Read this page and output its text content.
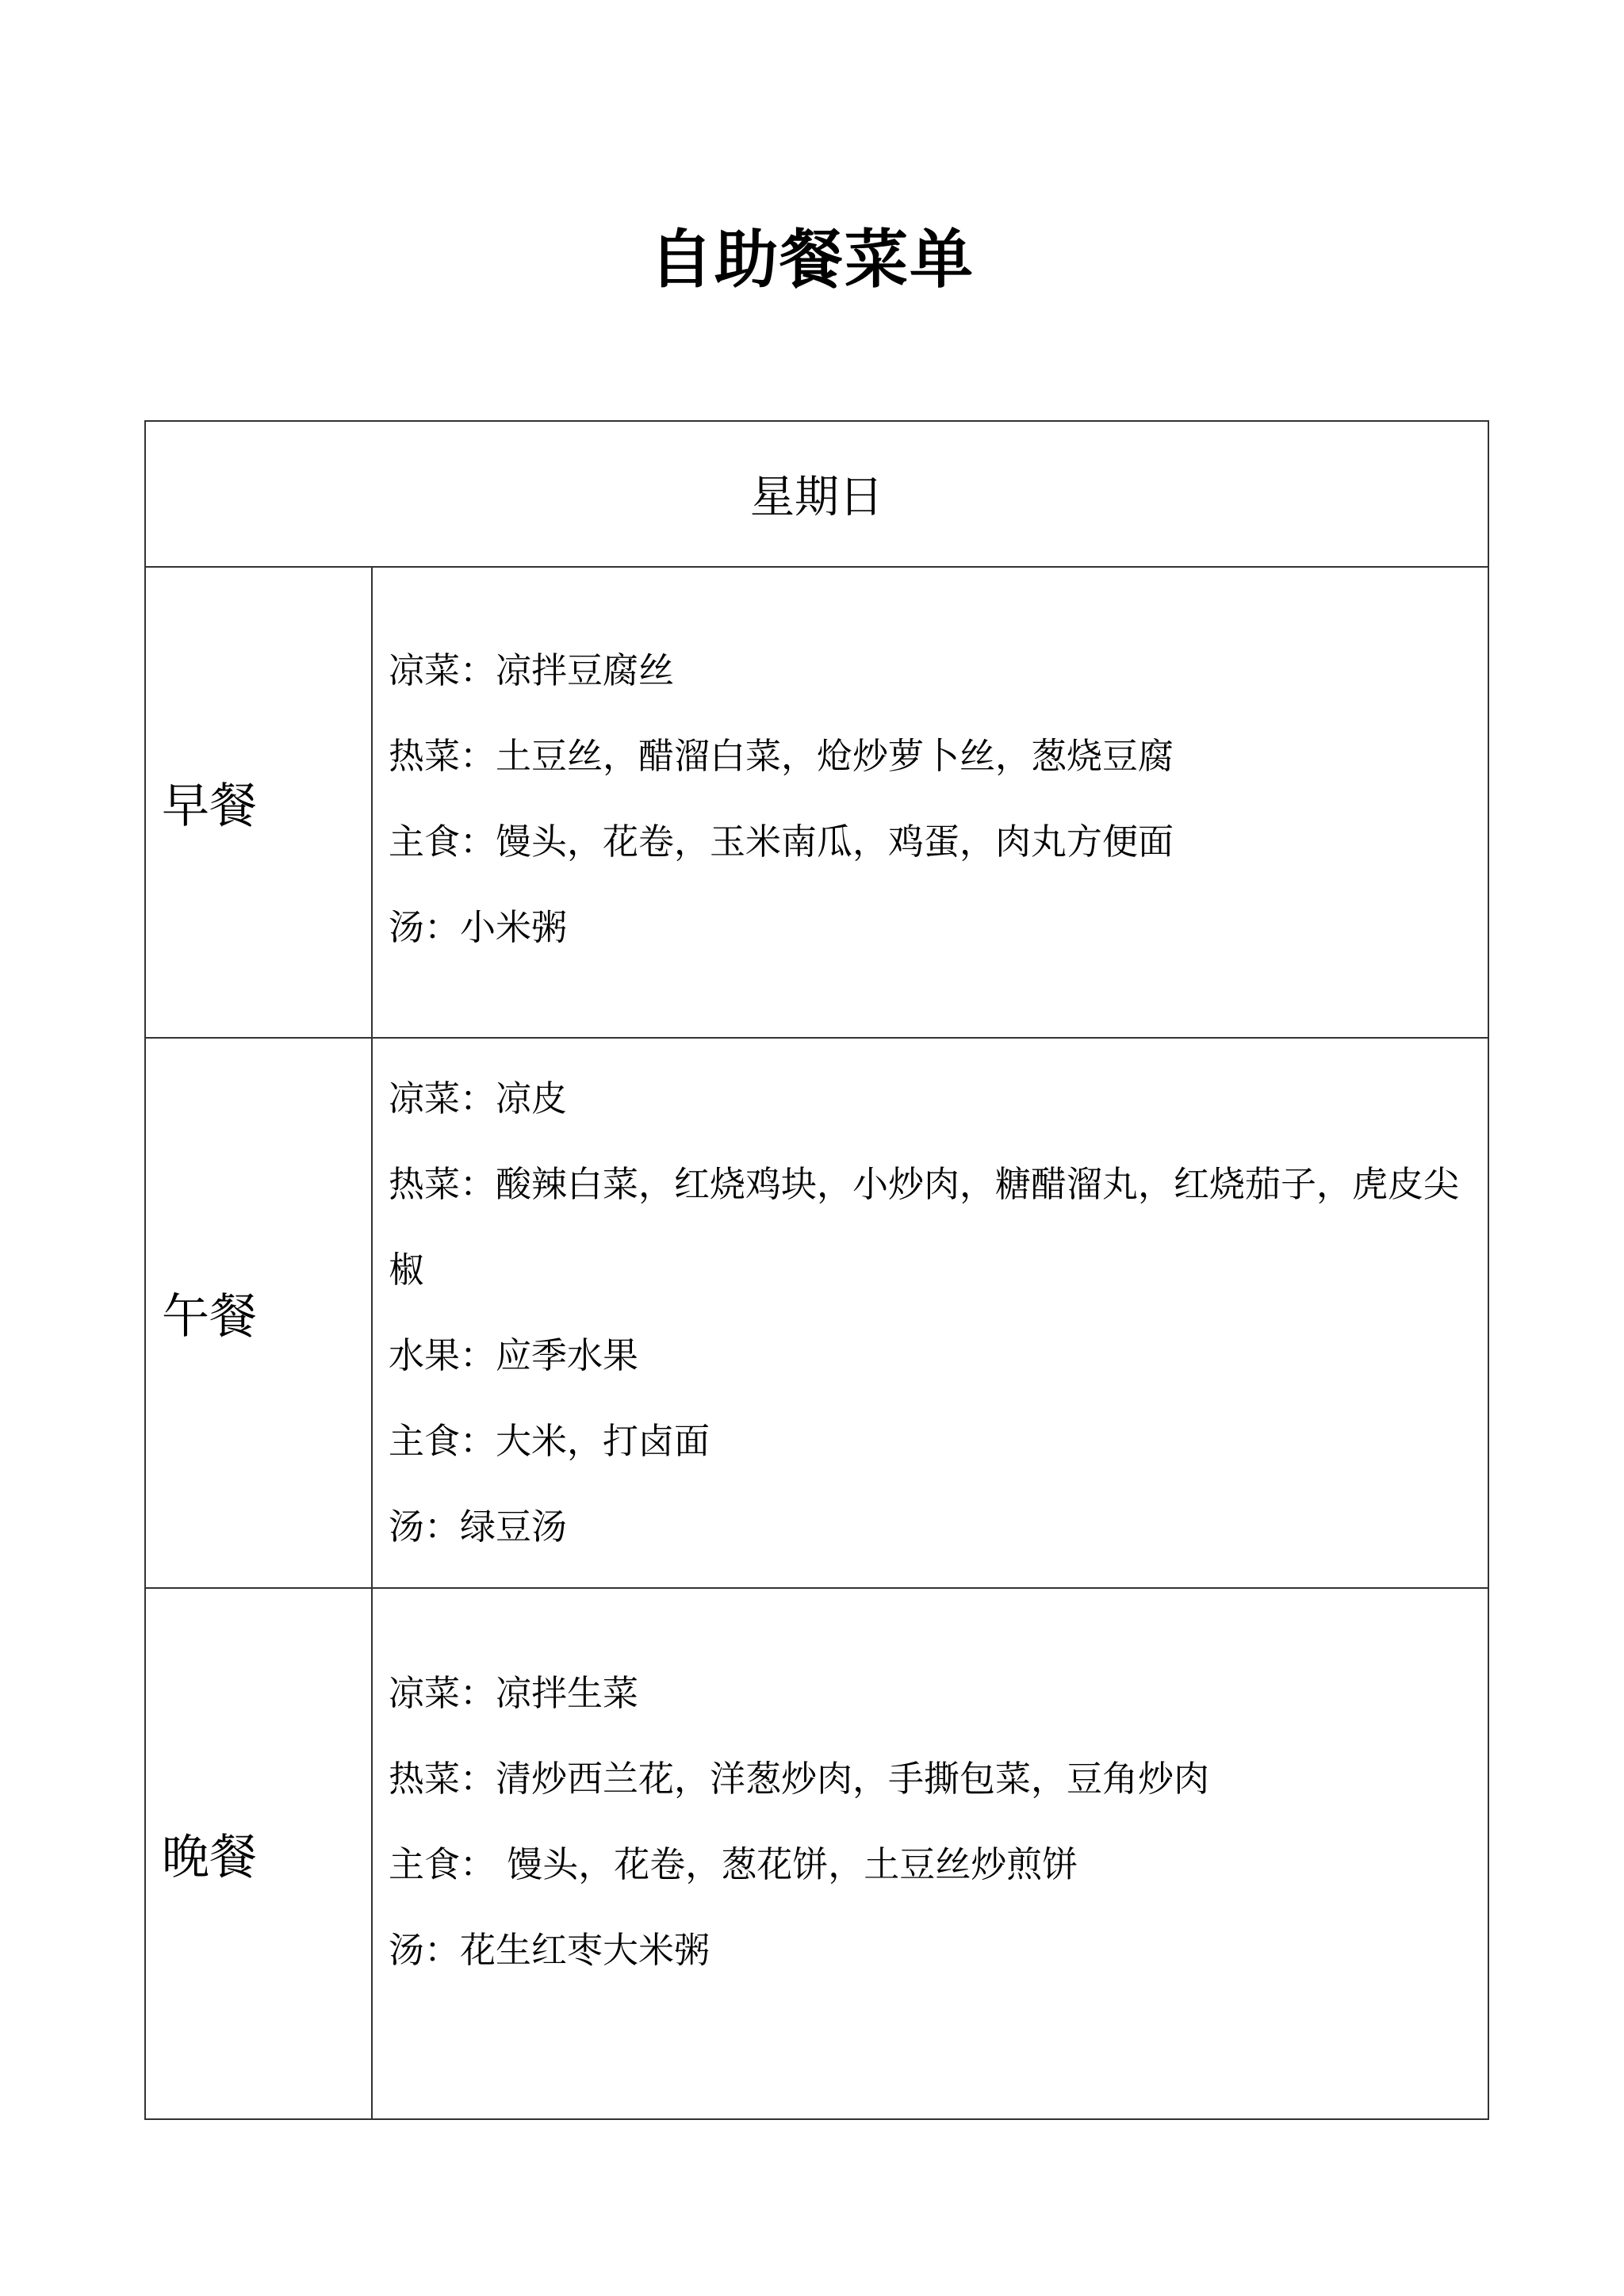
自助餐菜单
星期日	
早餐	凉菜：凉拌豆腐丝
热菜：土豆丝，醋溜白菜，炝炒萝卜丝，葱烧豆腐
主食：馒头，花卷，玉米南瓜，鸡蛋，肉丸方便面
汤：小米粥

午餐	凉菜：凉皮
热菜：酸辣白菜，红烧鸡块，小炒肉，糖醋溜丸，红烧茄子，虎皮尖椒
水果：应季水果
主食：大米，打卤面
汤：绿豆汤

晚餐	凉菜：凉拌生菜
热菜：清炒西兰花，洋葱炒肉，手撕包菜，豆角炒肉
主食： 馒头，花卷，葱花饼，土豆丝炒煎饼
汤：花生红枣大米粥
